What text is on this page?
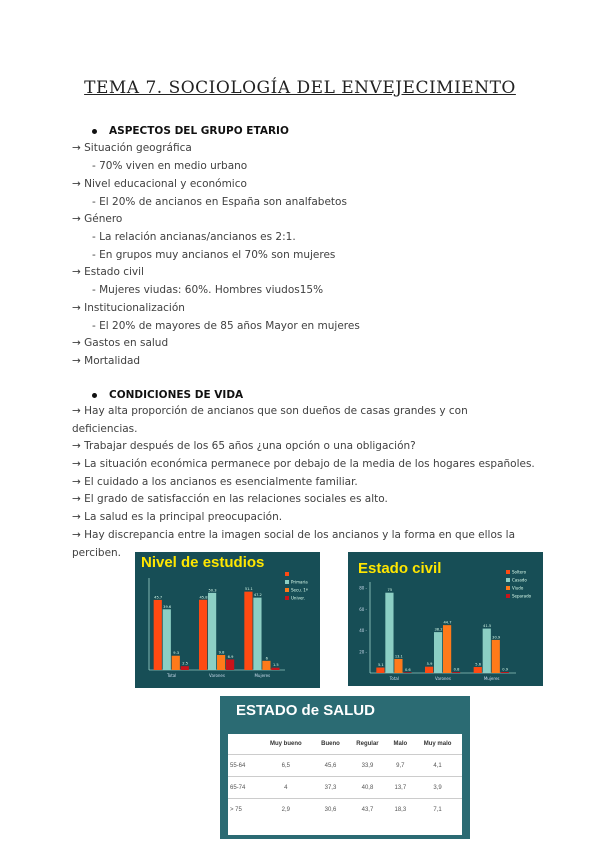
TEMA 7. SOCIOLOGÍA DEL ENVEJECIMIENTO
ASPECTOS DEL GRUPO ETARIO
→ Situación geográfica
- 70% viven en medio urbano
→ Nivel educacional y económico
- El 20% de ancianos en España son analfabetos
→ Género
- La relación ancianas/ancianos es 2:1.
- En grupos muy ancianos el 70% son mujeres
→ Estado civil
- Mujeres viudas: 60%. Hombres viudos15%
→ Institucionalización
- El 20% de mayores de 85 años Mayor en mujeres
→ Gastos en salud
→ Mortalidad
CONDICIONES DE VIDA
→ Hay alta proporción de ancianos que son dueños de casas grandes y con deficiencias.
→ Trabajar después de los 65 años ¿una opción o una obligación?
→ La situación económica permanece por debajo de la media de los hogares españoles.
→ El cuidado a los ancianos es esencialmente familiar.
→ El grado de satisfacción en las relaciones sociales es alto.
→ La salud es la principal preocupación.
→ Hay discrepancia entre la imagen social de los ancianos y la forma en que ellos la perciben.
Nivel de estudios
45.7
39.6
9.3
2.5
Total
45.8
50.3
9.8
6.9
Varones
51.1
47.2
6
1.5
Mujeres
Primaria
Secu. 1ª
Univer.
Estado civil
80 -
60 -
40 -
20 -
5.1
75
13.1
0.6
Total
5.9
38.2
44.7
0.8
Varones
5.6
41.5
30.9
0.9
Mujeres
Soltero
Casado
Viudo
Separado
ESTADO de SALUD
	Muy bueno	Bueno	Regular	Malo	Muy malo
55-64	6,5	45,6	33,9	9,7	4,1
65-74	4	37,3	40,8	13,7	3,9
> 75	2,9	30,6	43,7	18,3	7,1
